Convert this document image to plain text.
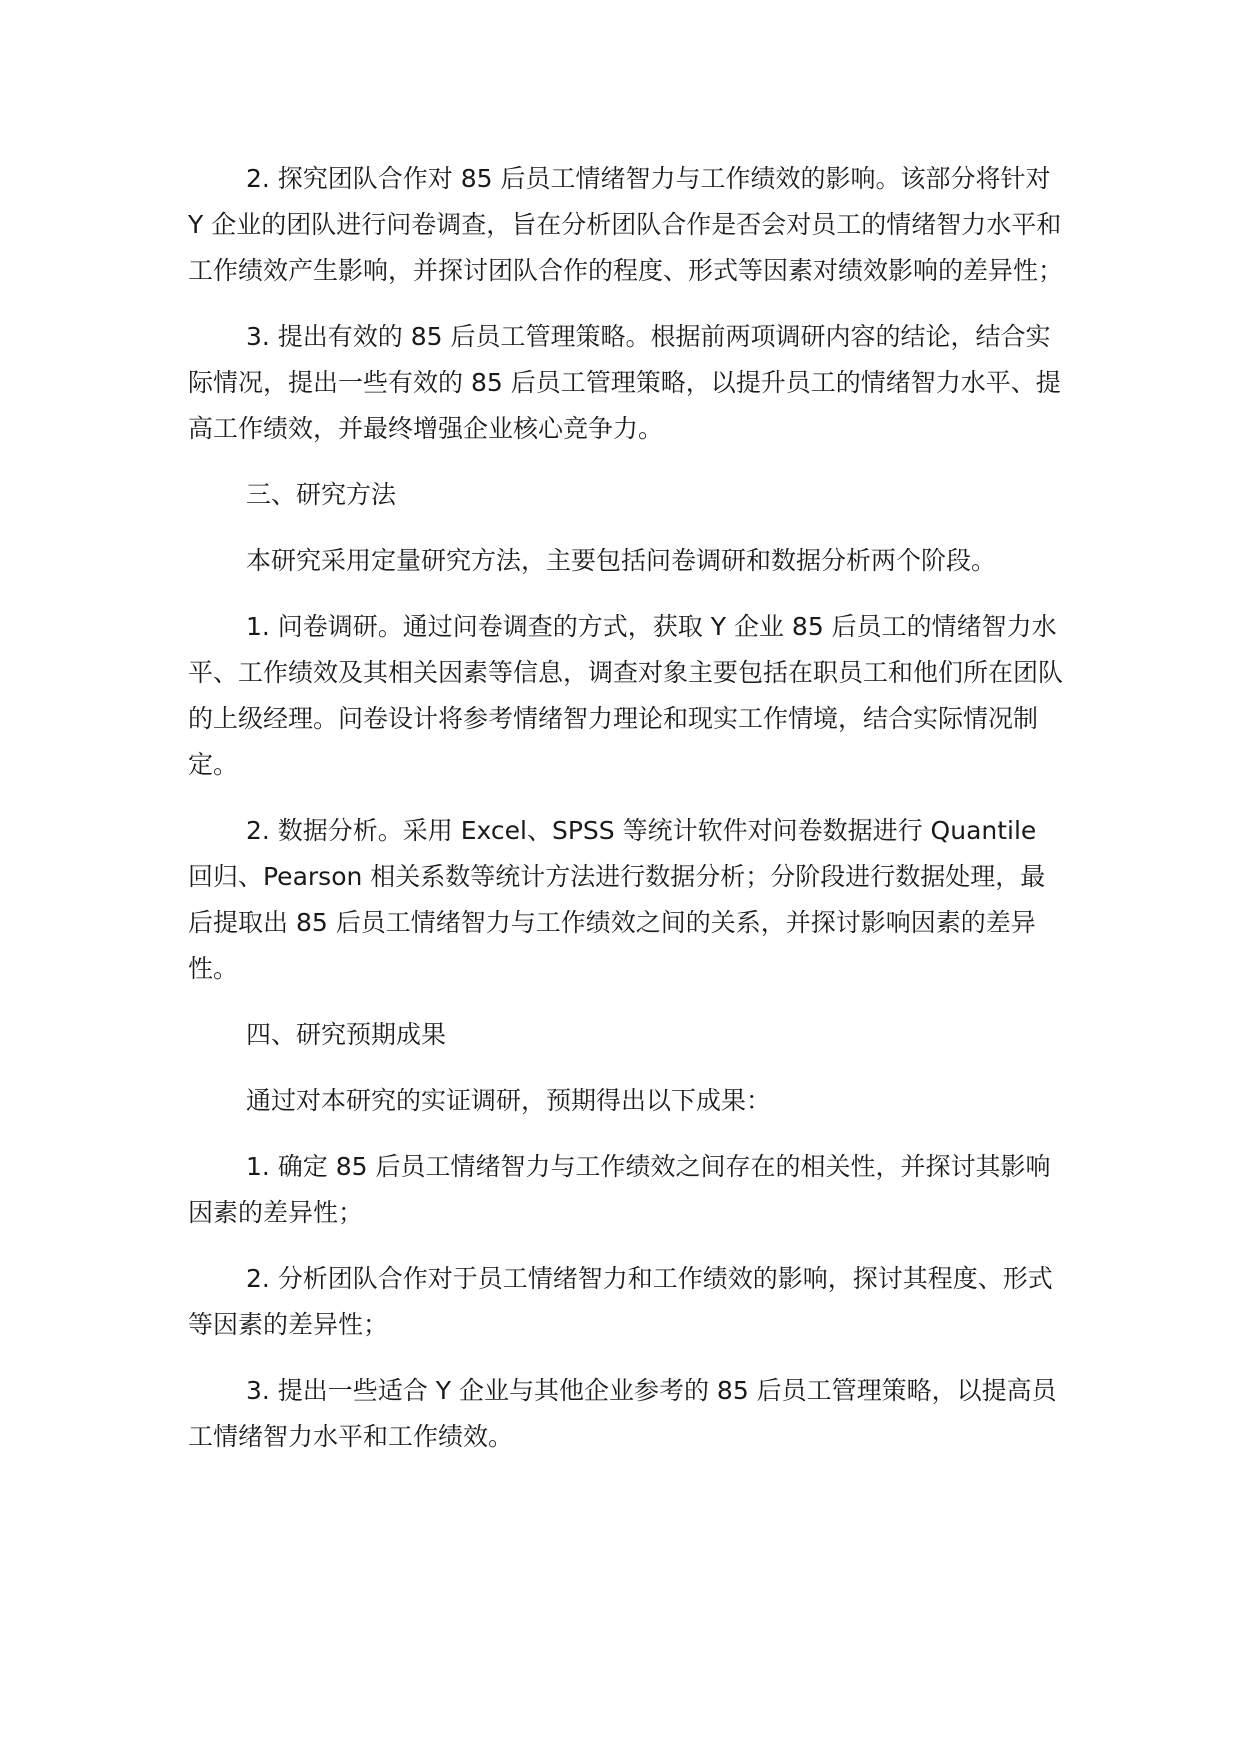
2. 探究团队合作对 85 后员工情绪智力与工作绩效的影响。该部分将针对 Y 企业的团队进行问卷调查，旨在分析团队合作是否会对员工的情绪智力水平和工作绩效产生影响，并探讨团队合作的程度、形式等因素对绩效影响的差异性；

3. 提出有效的 85 后员工管理策略。根据前两项调研内容的结论，结合实际情况，提出一些有效的 85 后员工管理策略，以提升员工的情绪智力水平、提高工作绩效，并最终增强企业核心竞争力。

三、研究方法

本研究采用定量研究方法，主要包括问卷调研和数据分析两个阶段。

1. 问卷调研。通过问卷调查的方式，获取 Y 企业 85 后员工的情绪智力水平、工作绩效及其相关因素等信息，调查对象主要包括在职员工和他们所在团队的上级经理。问卷设计将参考情绪智力理论和现实工作情境，结合实际情况制定。

2. 数据分析。采用 Excel、SPSS 等统计软件对问卷数据进行 Quantile 回归、Pearson 相关系数等统计方法进行数据分析；分阶段进行数据处理，最后提取出 85 后员工情绪智力与工作绩效之间的关系，并探讨影响因素的差异性。

四、研究预期成果

通过对本研究的实证调研，预期得出以下成果：

1. 确定 85 后员工情绪智力与工作绩效之间存在的相关性，并探讨其影响因素的差异性；

2. 分析团队合作对于员工情绪智力和工作绩效的影响，探讨其程度、形式等因素的差异性；

3. 提出一些适合 Y 企业与其他企业参考的 85 后员工管理策略，以提高员工情绪智力水平和工作绩效。
